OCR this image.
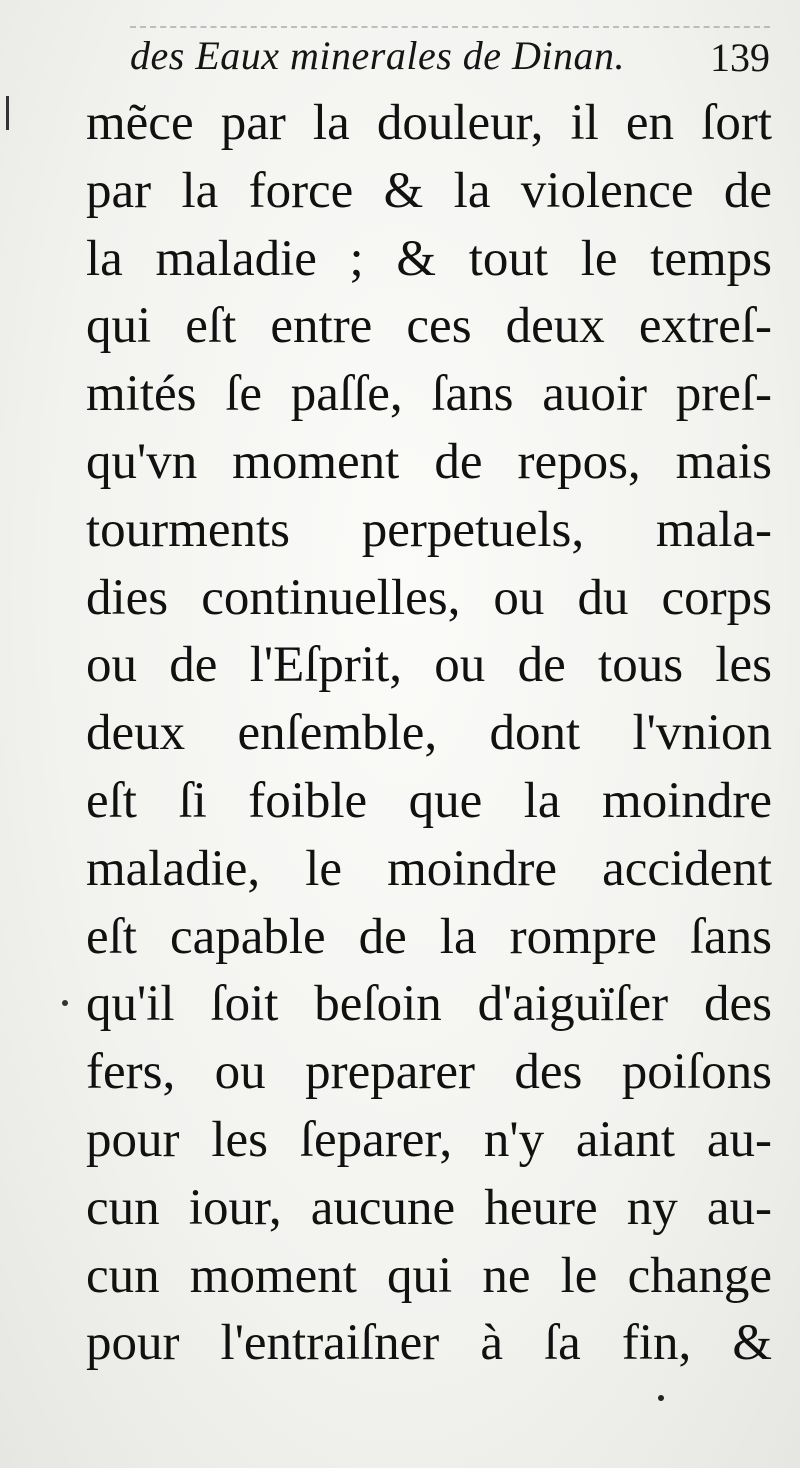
des Eaux minerales de Dinan. 139
mẽce par la douleur, il en ſort
par la force & la violence de
la maladie ; & tout le temps
qui eſt entre ces deux extreſ-
mités ſe paſſe, ſans auoir preſ-
qu'vn moment de repos, mais
tourments perpetuels, mala-
dies continuelles, ou du corps
ou de l'Eſprit, ou de tous les
deux enſemble, dont l'vnion
eſt ſi foible que la moindre
maladie, le moindre accident
eſt capable de la rompre ſans
qu'il ſoit beſoin d'aiguïſer des
fers, ou preparer des poiſons
pour les ſeparer, n'y aiant au-
cun iour, aucune heure ny au-
cun moment qui ne le change
pour l'entraiſner à ſa fin, &
